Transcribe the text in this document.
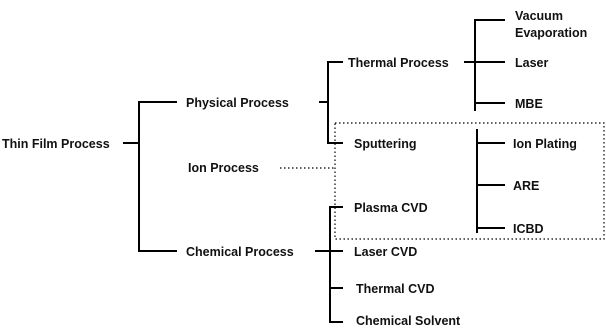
Thin Film Process
Physical Process
Ion Process
Chemical Process
Thermal Process
Sputtering
Vacuum
Evaporation
Laser
MBE
Ion Plating
ARE
ICBD
Plasma CVD
Laser CVD
Thermal CVD
Chemical Solvent
